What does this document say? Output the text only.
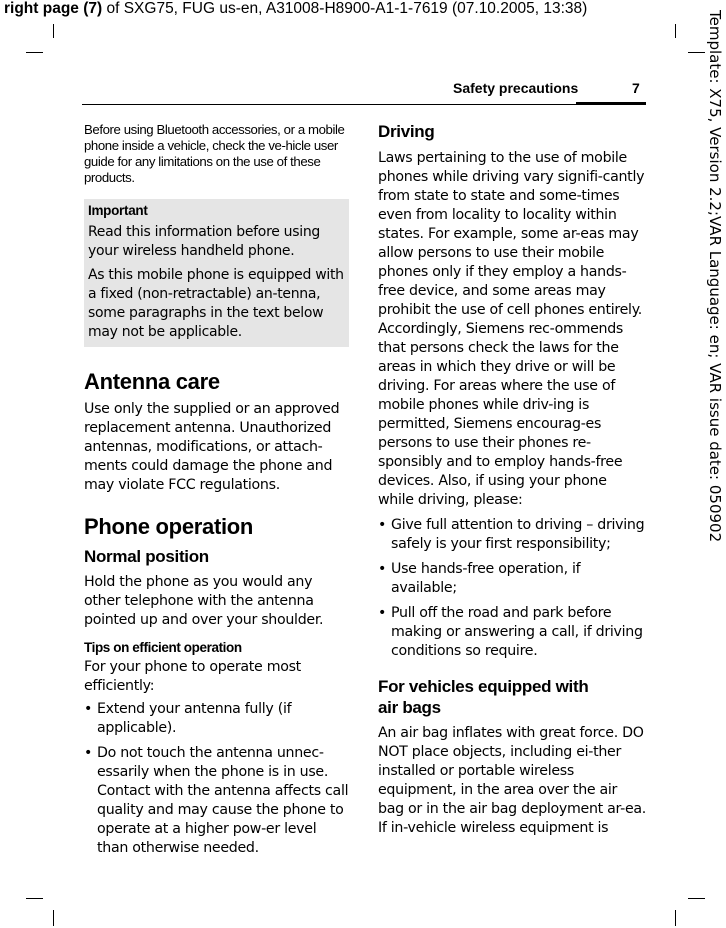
right page (7) of SXG75, FUG us-en, A31008-H8900-A1-1-7619 (07.10.2005, 13:38)
Template: X75, Version 2.2;VAR Language: en; VAR issue date: 050902
Safety precautions	7
Before using Bluetooth accessories, or a mobile phone inside a vehicle, check the ve-hicle user guide for any limitations on the use of these products.
Important

Read this information before using your wireless handheld phone.

As this mobile phone is equipped with a fixed (non-retractable) an-tenna, some paragraphs in the text below may not be applicable.

Antenna care
Use only the supplied or an approved replacement antenna. Unauthorized antennas, modifications, or attach-ments could damage the phone and may violate FCC regulations.
Phone operation
Normal position
Hold the phone as you would any other telephone with the antenna pointed up and over your shoulder.
Tips on efficient operation
For your phone to operate most efficiently:
• Extend your antenna fully (if applicable).
• Do not touch the antenna unnec-essarily when the phone is in use. Contact with the antenna affects call quality and may cause the phone to operate at a higher pow-er level than otherwise needed.
Driving
Laws pertaining to the use of mobile phones while driving vary signifi-cantly from state to state and some-times even from locality to locality within states. For example, some ar-eas may allow persons to use their mobile phones only if they employ a hands-free device, and some areas may prohibit the use of cell phones entirely. Accordingly, Siemens rec-ommends that persons check the laws for the areas in which they drive or will be driving. For areas where the use of mobile phones while driv-ing is permitted, Siemens encourag-es persons to use their phones re-sponsibly and to employ hands-free devices. Also, if using your phone while driving, please:
• Give full attention to driving – driving safely is your first responsibility;
• Use hands-free operation, if available;
• Pull off the road and park before making or answering a call, if driving conditions so require.
For vehicles equipped with
air bags
An air bag inflates with great force. DO NOT place objects, including ei-ther installed or portable wireless equipment, in the area over the air bag or in the air bag deployment ar-ea. If in-vehicle wireless equipment is
